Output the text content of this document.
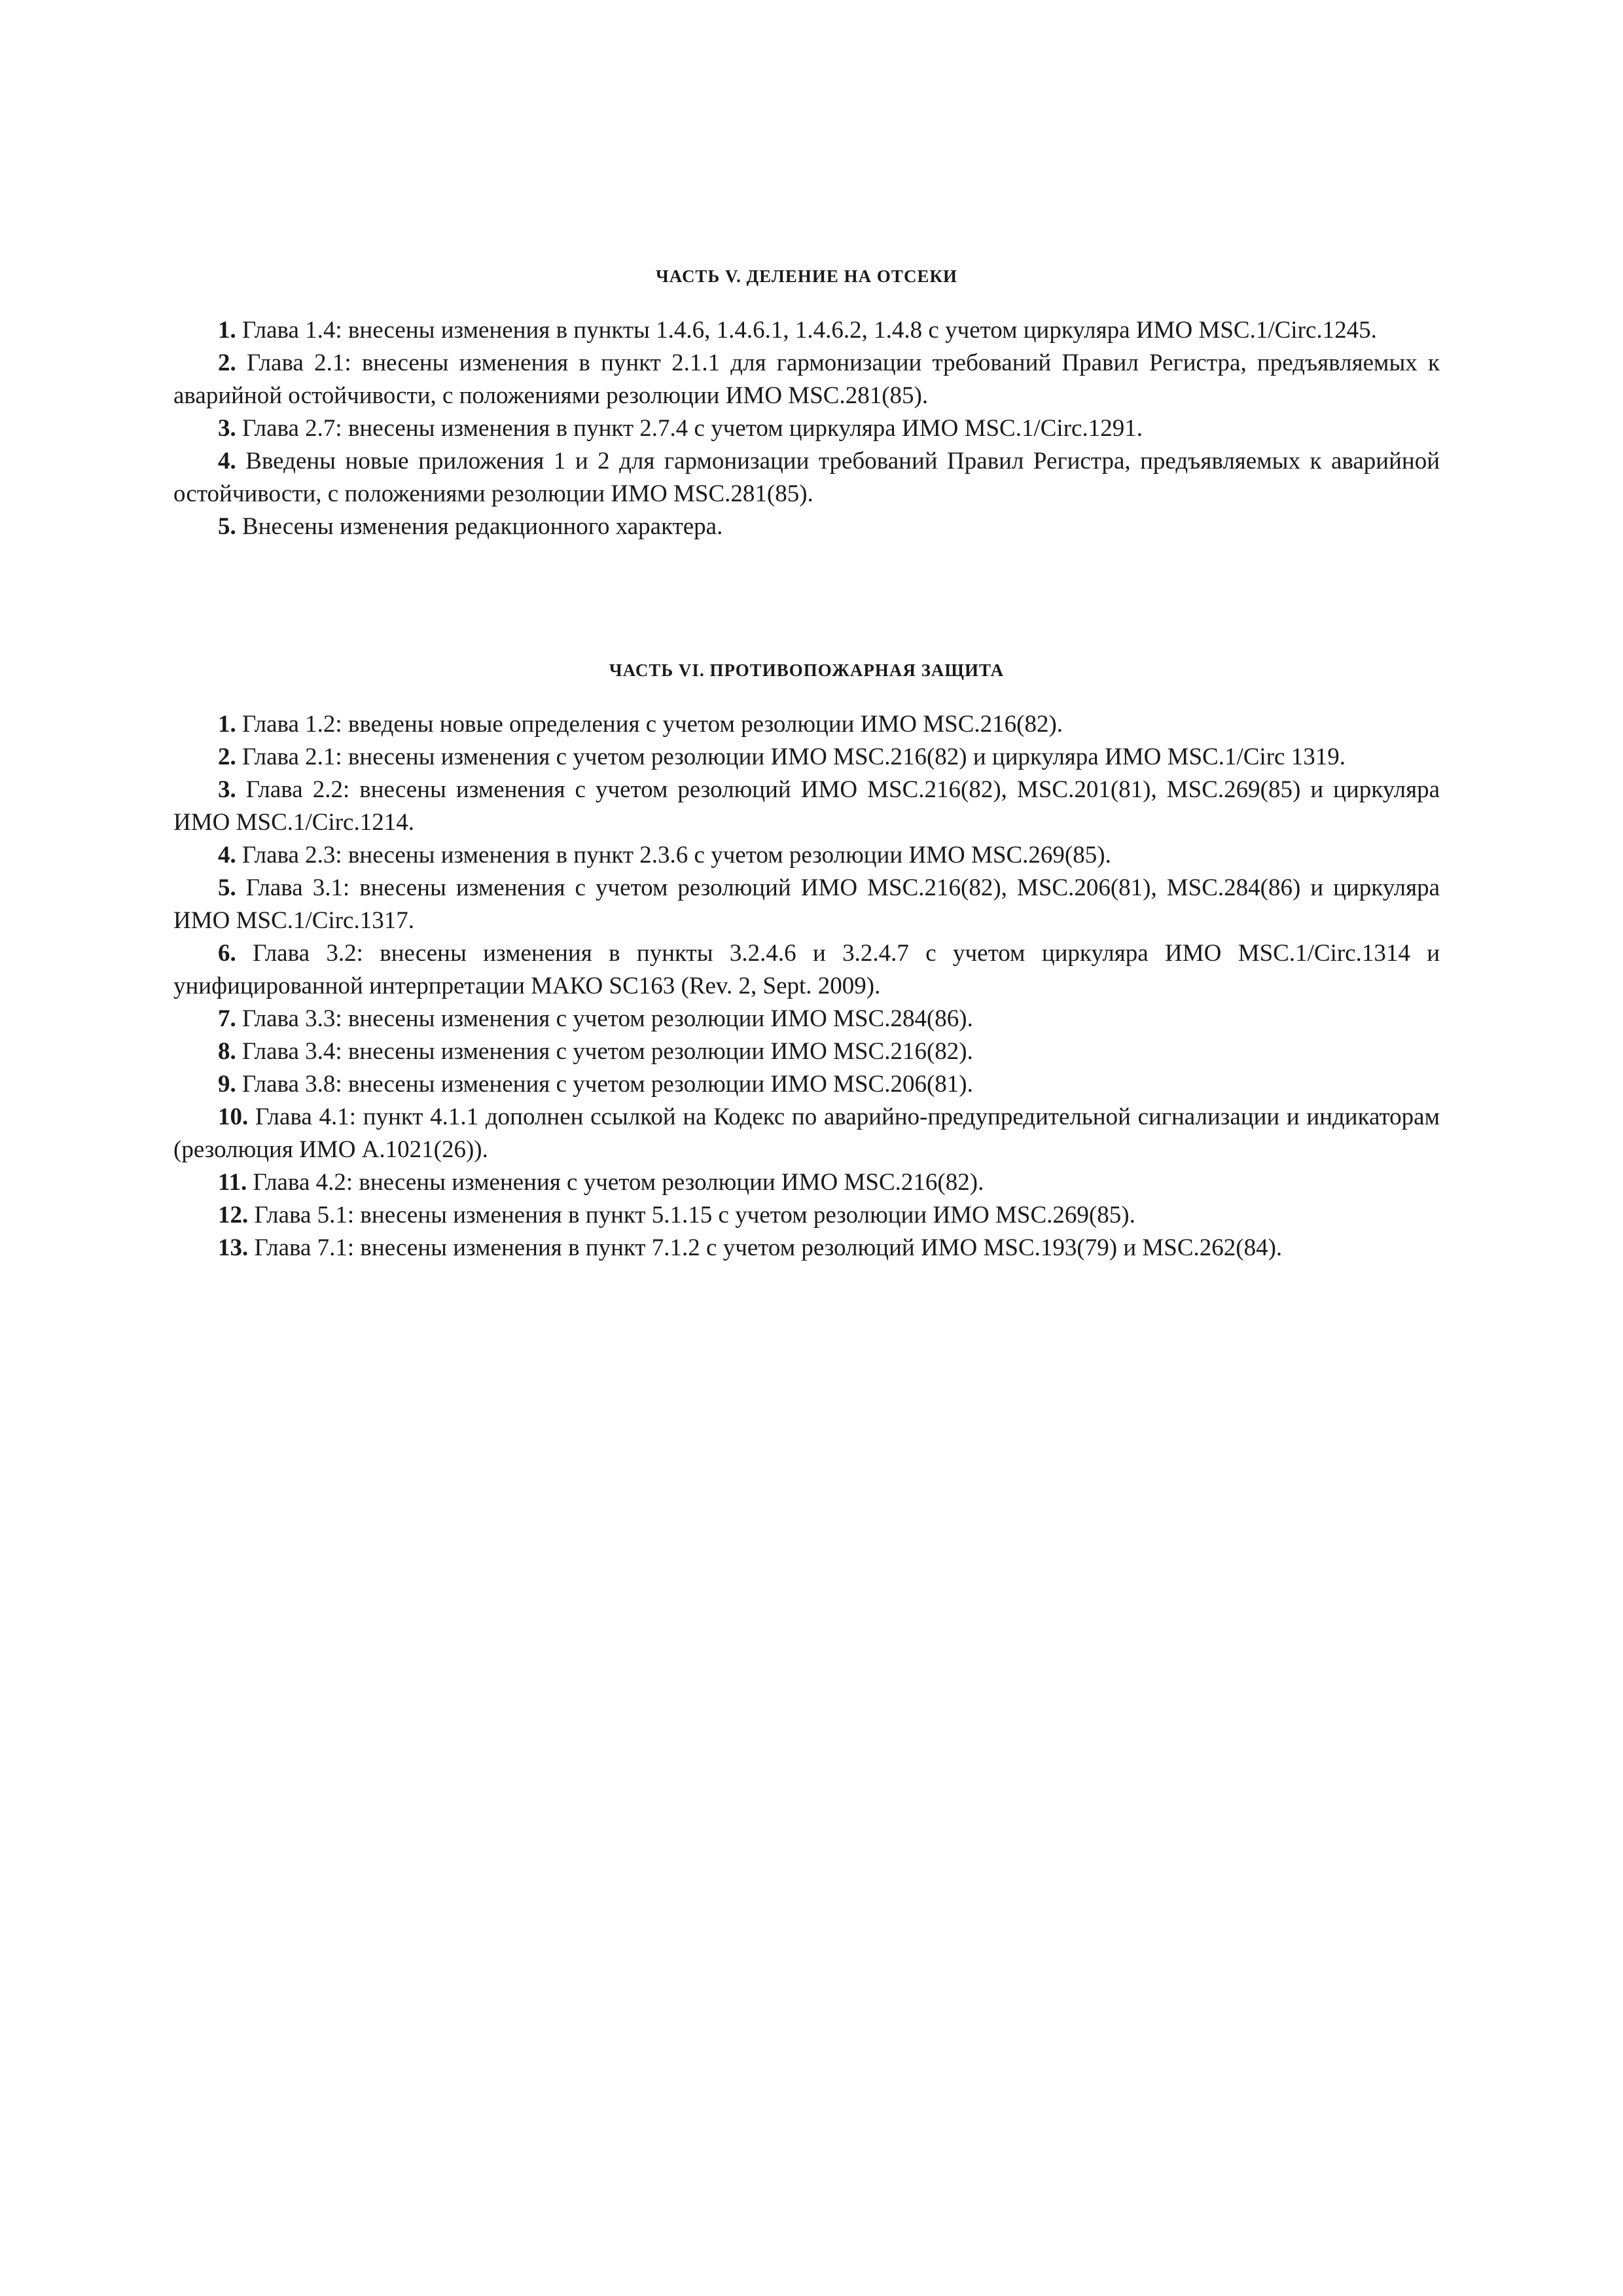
ЧАСТЬ V. ДЕЛЕНИЕ НА ОТСЕКИ

1. Глава 1.4: внесены изменения в пункты 1.4.6, 1.4.6.1, 1.4.6.2, 1.4.8 с учетом циркуляра ИМО MSC.1/Circ.1245.

2. Глава 2.1: внесены изменения в пункт 2.1.1 для гармонизации требований Правил Регистра, предъявляемых к аварийной остойчивости, с положениями резолюции ИМО MSC.281(85).

3. Глава 2.7: внесены изменения в пункт 2.7.4 с учетом циркуляра ИМО MSC.1/Circ.1291.

4. Введены новые приложения 1 и 2 для гармонизации требований Правил Регистра, предъявляемых к аварийной остойчивости, с положениями резолюции ИМО MSC.281(85).

5. Внесены изменения редакционного характера.

ЧАСТЬ VI. ПРОТИВОПОЖАРНАЯ ЗАЩИТА

1. Глава 1.2: введены новые определения с учетом резолюции ИМО MSC.216(82).

2. Глава 2.1: внесены изменения с учетом резолюции ИМО MSC.216(82) и циркуляра ИМО MSC.1/Circ 1319.

3. Глава 2.2: внесены изменения с учетом резолюций ИМО MSC.216(82), MSC.201(81), MSC.269(85) и циркуляра ИМО MSC.1/Circ.1214.

4. Глава 2.3: внесены изменения в пункт 2.3.6 с учетом резолюции ИМО MSC.269(85).

5. Глава 3.1: внесены изменения с учетом резолюций ИМО MSC.216(82), MSC.206(81), MSC.284(86) и циркуляра ИМО MSC.1/Circ.1317.

6. Глава 3.2: внесены изменения в пункты 3.2.4.6 и 3.2.4.7 с учетом циркуляра ИМО MSC.1/Circ.1314 и унифицированной интерпретации МАКО SC163 (Rev. 2, Sept. 2009).

7. Глава 3.3: внесены изменения с учетом резолюции ИМО MSC.284(86).

8. Глава 3.4: внесены изменения с учетом резолюции ИМО MSC.216(82).

9. Глава 3.8: внесены изменения с учетом резолюции ИМО MSC.206(81).

10. Глава 4.1: пункт 4.1.1 дополнен ссылкой на Кодекс по аварийно-предупредительной сигнализации и индикаторам (резолюция ИМО A.1021(26)).

11. Глава 4.2: внесены изменения с учетом резолюции ИМО MSC.216(82).

12. Глава 5.1: внесены изменения в пункт 5.1.15 с учетом резолюции ИМО MSC.269(85).

13. Глава 7.1: внесены изменения в пункт 7.1.2 с учетом резолюций ИМО MSC.193(79) и MSC.262(84).
